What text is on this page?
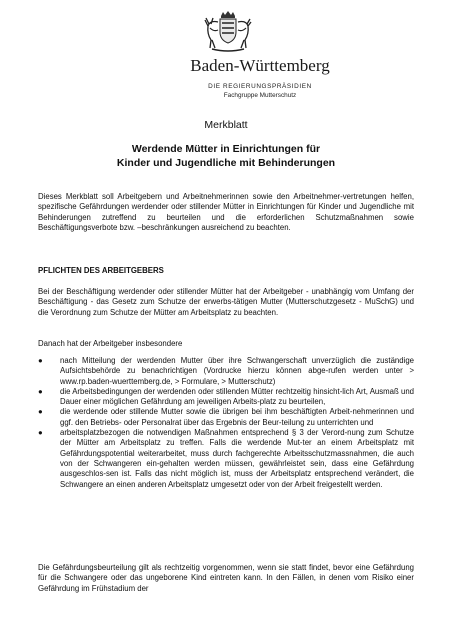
Baden-Württemberg
DIE REGIERUNGSPRÄSIDIEN
Fachgruppe Mutterschutz
Merkblatt
Werdende Mütter in Einrichtungen für
Kinder und Jugendliche mit Behinderungen
Dieses Merkblatt soll Arbeitgebern und Arbeitnehmerinnen sowie den Arbeitnehmer-vertretungen helfen, spezifische Gefährdungen werdender oder stillender Mütter in Einrichtungen für Kinder und Jugendliche mit Behinderungen zutreffend zu beurteilen und die erforderlichen Schutzmaßnahmen sowie Beschäftigungsverbote bzw. –beschränkungen ausreichend zu beachten.
PFLICHTEN DES ARBEITGEBERS
Bei der Beschäftigung werdender oder stillender Mütter hat der Arbeitgeber - unabhängig vom Umfang der Beschäftigung - das Gesetz zum Schutze der erwerbs-tätigen Mutter (Mutterschutzgesetz - MuSchG) und die Verordnung zum Schutze der Mütter am Arbeitsplatz zu beachten.
Danach hat der Arbeitgeber insbesondere
● nach Mitteilung der werdenden Mutter über ihre Schwangerschaft unverzüglich die zuständige Aufsichtsbehörde zu benachrichtigen (Vordrucke hierzu können abge-rufen werden unter > www.rp.baden-wuerttemberg.de, > Formulare, > Mutterschutz)
● die Arbeitsbedingungen der werdenden oder stillenden Mütter rechtzeitig hinsicht-lich Art, Ausmaß und Dauer einer möglichen Gefährdung am jeweiligen Arbeits-platz zu beurteilen,
● die werdende oder stillende Mutter sowie die übrigen bei ihm beschäftigten Arbeit-nehmerinnen und ggf. den Betriebs- oder Personalrat über das Ergebnis der Beur-teilung zu unterrichten und
● arbeitsplatzbezogen die notwendigen Maßnahmen entsprechend § 3 der Verord-nung zum Schutze der Mütter am Arbeitsplatz zu treffen. Falls die werdende Mut-ter an einem Arbeitsplatz mit Gefährdungspotential weiterarbeitet, muss durch fachgerechte Arbeitsschutzmassnahmen, die auch von der Schwangeren ein-gehalten werden müssen, gewährleistet sein, dass eine Gefährdung ausgeschlos-sen ist. Falls das nicht möglich ist, muss der Arbeitsplatz entsprechend verändert, die Schwangere an einen anderen Arbeitsplatz umgesetzt oder von der Arbeit freigestellt werden.
Die Gefährdungsbeurteilung gilt als rechtzeitig vorgenommen, wenn sie statt findet, bevor eine Gefährdung für die Schwangere oder das ungeborene Kind eintreten kann. In den Fällen, in denen vom Risiko einer Gefährdung im Frühstadium der
